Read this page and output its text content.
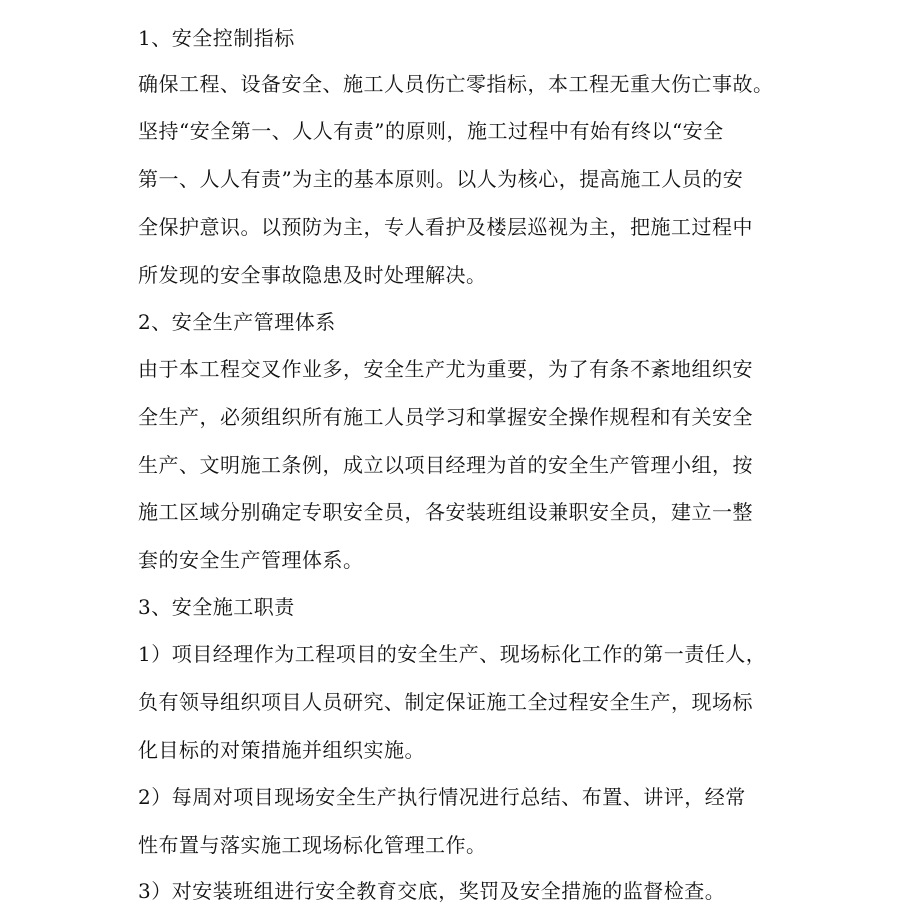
1、安全控制指标
确保工程、设备安全、施工人员伤亡零指标，本工程无重大伤亡事故。
坚持“安全第一、人人有责”的原则，施工过程中有始有终以“安全
第一、人人有责”为主的基本原则。以人为核心，提高施工人员的安
全保护意识。以预防为主，专人看护及楼层巡视为主，把施工过程中
所发现的安全事故隐患及时处理解决。
2、安全生产管理体系
由于本工程交叉作业多，安全生产尤为重要，为了有条不紊地组织安
全生产，必须组织所有施工人员学习和掌握安全操作规程和有关安全
生产、文明施工条例，成立以项目经理为首的安全生产管理小组，按
施工区域分别确定专职安全员，各安装班组设兼职安全员，建立一整
套的安全生产管理体系。
3、安全施工职责
1）项目经理作为工程项目的安全生产、现场标化工作的第一责任人，
负有领导组织项目人员研究、制定保证施工全过程安全生产，现场标
化目标的对策措施并组织实施。
2）每周对项目现场安全生产执行情况进行总结、布置、讲评，经常
性布置与落实施工现场标化管理工作。
3）对安装班组进行安全教育交底，奖罚及安全措施的监督检查。
